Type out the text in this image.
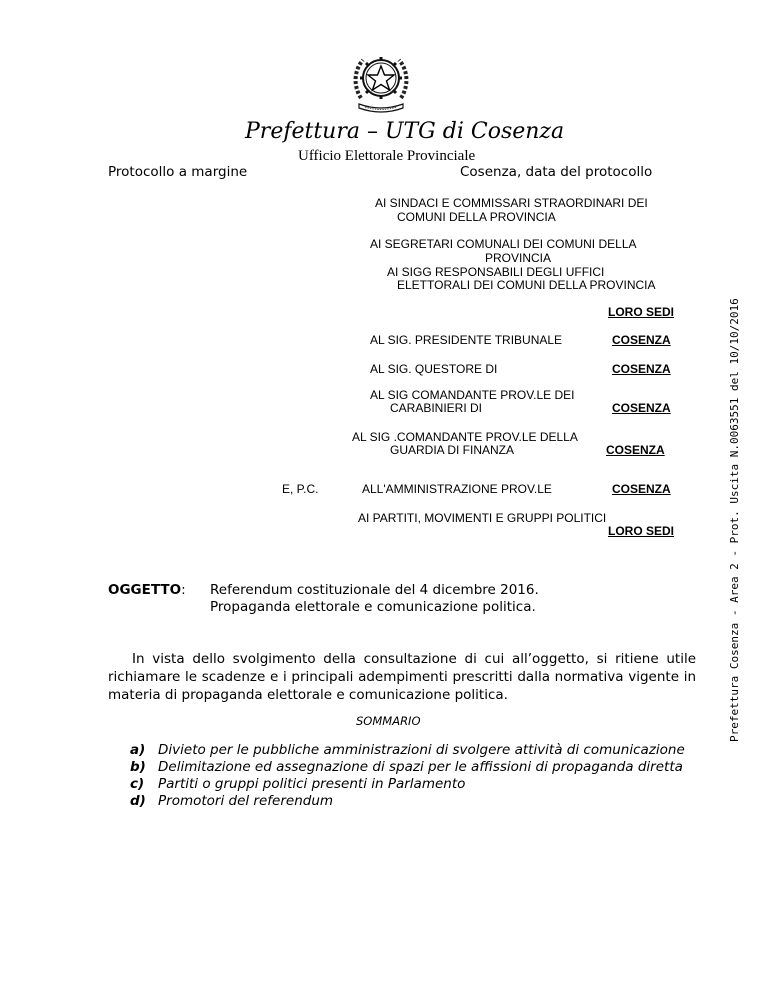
Prefettura – UTG di Cosenza
Ufficio Elettorale Provinciale
Protocollo a margine	Cosenza, data del protocollo
AI SINDACI E COMMISSARI STRAORDINARI DEI
COMUNI DELLA PROVINCIA
AI SEGRETARI COMUNALI DEI COMUNI DELLA
PROVINCIA
AI SIGG RESPONSABILI DEGLI UFFICI
ELETTORALI DEI COMUNI DELLA PROVINCIA
LORO SEDI
AL SIG. PRESIDENTE TRIBUNALE	COSENZA
AL SIG. QUESTORE DI	COSENZA
AL SIG COMANDANTE PROV.LE DEI
CARABINIERI DI	COSENZA
AL SIG .COMANDANTE PROV.LE DELLA
GUARDIA DI FINANZA	COSENZA
E, P.C.	ALL'AMMINISTRAZIONE PROV.LE	COSENZA
AI PARTITI, MOVIMENTI E GRUPPI POLITICI
LORO SEDI
OGGETTO: Referendum costituzionale del 4 dicembre 2016.
Propaganda elettorale e comunicazione politica.
In vista dello svolgimento della consultazione di cui all’oggetto, si ritiene utile richiamare le scadenze e i principali adempimenti prescritti dalla normativa vigente in materia di propaganda elettorale e comunicazione politica.
SOMMARIO
a) Divieto per le pubbliche amministrazioni di svolgere attività di comunicazione
b) Delimitazione ed assegnazione di spazi per le affissioni di propaganda diretta
c)	Partiti o gruppi politici presenti in Parlamento
d) Promotori del referendum
Prefettura Cosenza - Area 2 - Prot. Uscita N.0063551 del 10/10/2016
